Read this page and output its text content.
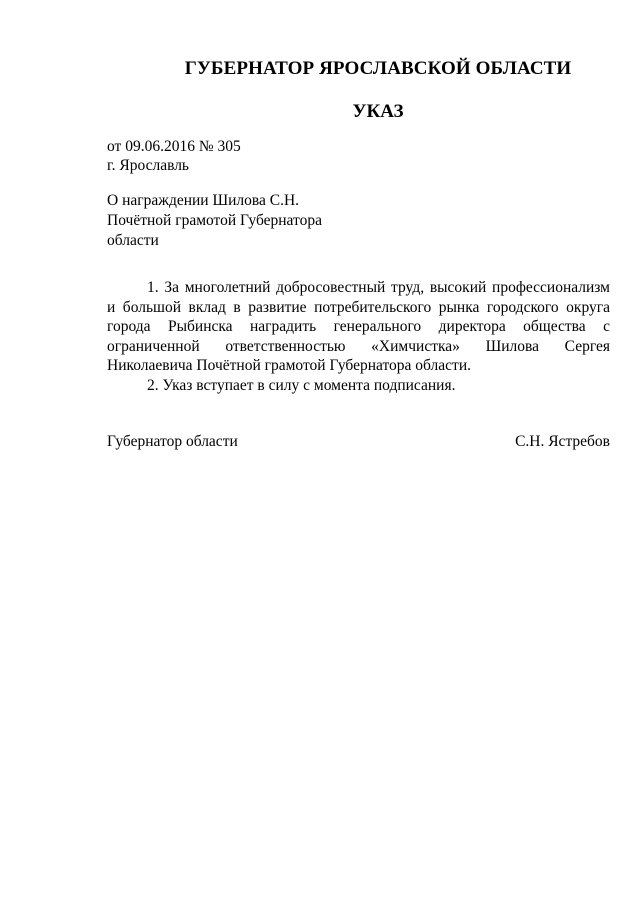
ГУБЕРНАТОР ЯРОСЛАВСКОЙ ОБЛАСТИ
УКАЗ
от 09.06.2016 № 305
г. Ярославль
О награждении Шилова С.Н.
Почётной грамотой Губернатора
области

1. За многолетний добросовестный труд, высокий профессионализм и большой вклад в развитие потребительского рынка городского округа города Рыбинска наградить генерального директора общества с ограниченной ответственностью «Химчистка» Шилова Сергея Николаевича Почётной грамотой Губернатора области.

2. Указ вступает в силу с момента подписания.

Губернатор области	С.Н. Ястребов
